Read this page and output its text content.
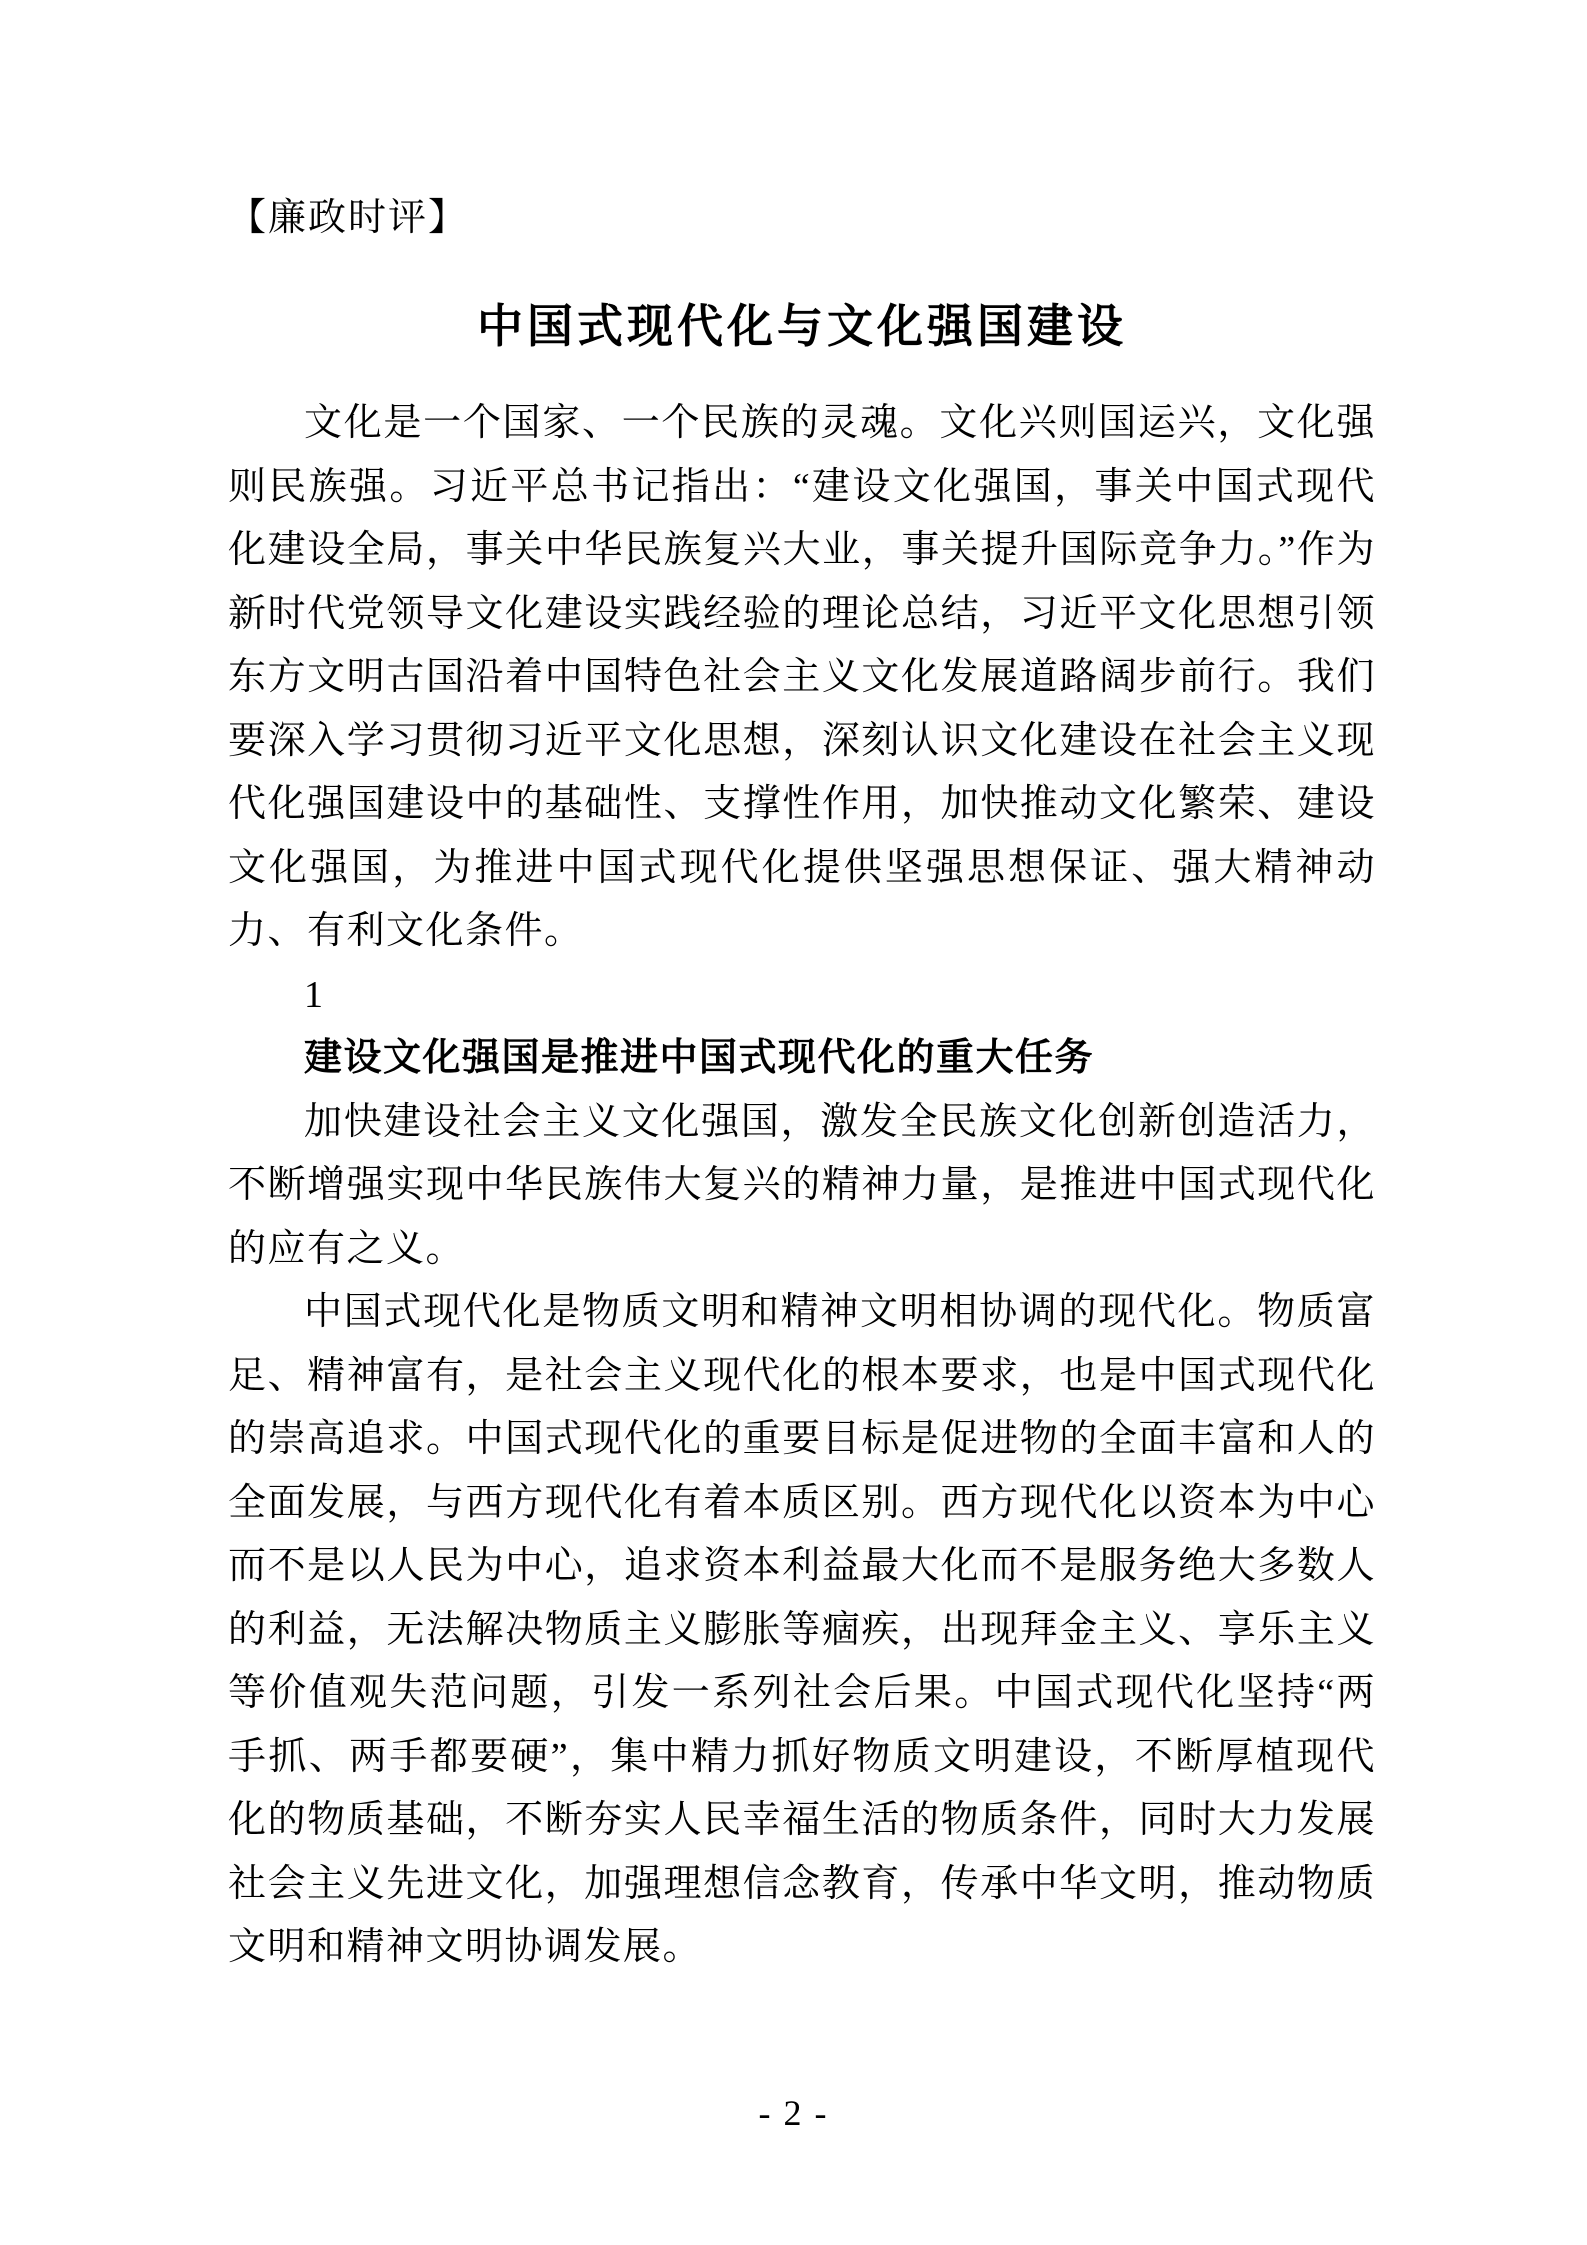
【廉政时评】
中国式现代化与文化强国建设

文化是一个国家、一个民族的灵魂。文化兴则国运兴，文化强则民族强。习近平总书记指出：“建设文化强国，事关中国式现代化建设全局，事关中华民族复兴大业，事关提升国际竞争力。”作为新时代党领导文化建设实践经验的理论总结，习近平文化思想引领东方文明古国沿着中国特色社会主义文化发展道路阔步前行。我们要深入学习贯彻习近平文化思想，深刻认识文化建设在社会主义现代化强国建设中的基础性、支撑性作用，加快推动文化繁荣、建设文化强国，为推进中国式现代化提供坚强思想保证、强大精神动力、有利文化条件。

1

建设文化强国是推进中国式现代化的重大任务

加快建设社会主义文化强国，激发全民族文化创新创造活力，不断增强实现中华民族伟大复兴的精神力量，是推进中国式现代化的应有之义。

中国式现代化是物质文明和精神文明相协调的现代化。物质富足、精神富有，是社会主义现代化的根本要求，也是中国式现代化的崇高追求。中国式现代化的重要目标是促进物的全面丰富和人的全面发展，与西方现代化有着本质区别。西方现代化以资本为中心而不是以人民为中心，追求资本利益最大化而不是服务绝大多数人的利益，无法解决物质主义膨胀等痼疾，出现拜金主义、享乐主义等价值观失范问题，引发一系列社会后果。中国式现代化坚持“两手抓、两手都要硬”，集中精力抓好物质文明建设，不断厚植现代化的物质基础，不断夯实人民幸福生活的物质条件，同时大力发展社会主义先进文化，加强理想信念教育，传承中华文明，推动物质文明和精神文明协调发展。

- 2 -
